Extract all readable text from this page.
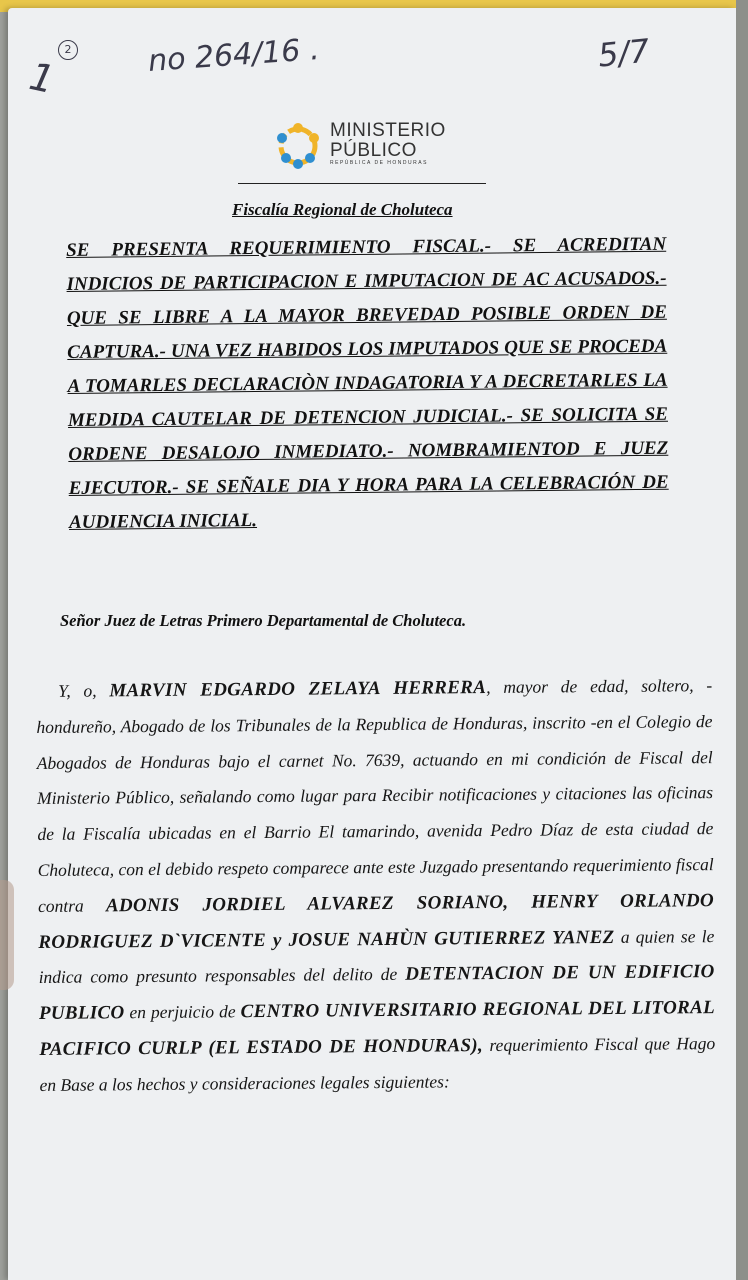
1
2	no 264/16 .	5/7
MINISTERIO
PÚBLICO
REPÚBLICA DE HONDURAS
Fiscalía Regional de Choluteca
SE PRESENTA REQUERIMIENTO FISCAL.- SE ACREDITAN INDICIOS DE PARTICIPACION E IMPUTACION DE AC ACUSADOS.- QUE SE LIBRE A LA MAYOR BREVEDAD POSIBLE ORDEN DE CAPTURA.- UNA VEZ HABIDOS LOS IMPUTADOS QUE SE PROCEDA A TOMARLES DECLARACIÒN INDAGATORIA Y A DECRETARLES LA MEDIDA CAUTELAR DE DETENCION JUDICIAL.- SE SOLICITA SE ORDENE DESALOJO INMEDIATO.- NOMBRAMIENTOD E JUEZ EJECUTOR.- SE SEÑALE DIA Y HORA PARA LA CELEBRACIÓN DE AUDIENCIA INICIAL.
Señor Juez de Letras Primero Departamental de Choluteca.
Y, o, MARVIN EDGARDO ZELAYA HERRERA, mayor de edad, soltero, - hondureño, Abogado de los Tribunales de la Republica de Honduras, inscrito -en el Colegio de Abogados de Honduras bajo el carnet No. 7639, actuando en mi condición de Fiscal del Ministerio Público, señalando como lugar para Recibir notificaciones y citaciones las oficinas de la Fiscalía ubicadas en el Barrio El tamarindo, avenida Pedro Díaz de esta ciudad de Choluteca, con el debido respeto comparece ante este Juzgado presentando requerimiento fiscal contra ADONIS JORDIEL ALVAREZ SORIANO, HENRY ORLANDO RODRIGUEZ D`VICENTE y JOSUE NAHÙN GUTIERREZ YANEZ a quien se le indica como presunto responsables del delito de DETENTACION DE UN EDIFICIO PUBLICO en perjuicio de CENTRO UNIVERSITARIO REGIONAL DEL LITORAL PACIFICO CURLP (EL ESTADO DE HONDURAS), requerimiento Fiscal que Hago en Base a los hechos y consideraciones legales siguientes:
